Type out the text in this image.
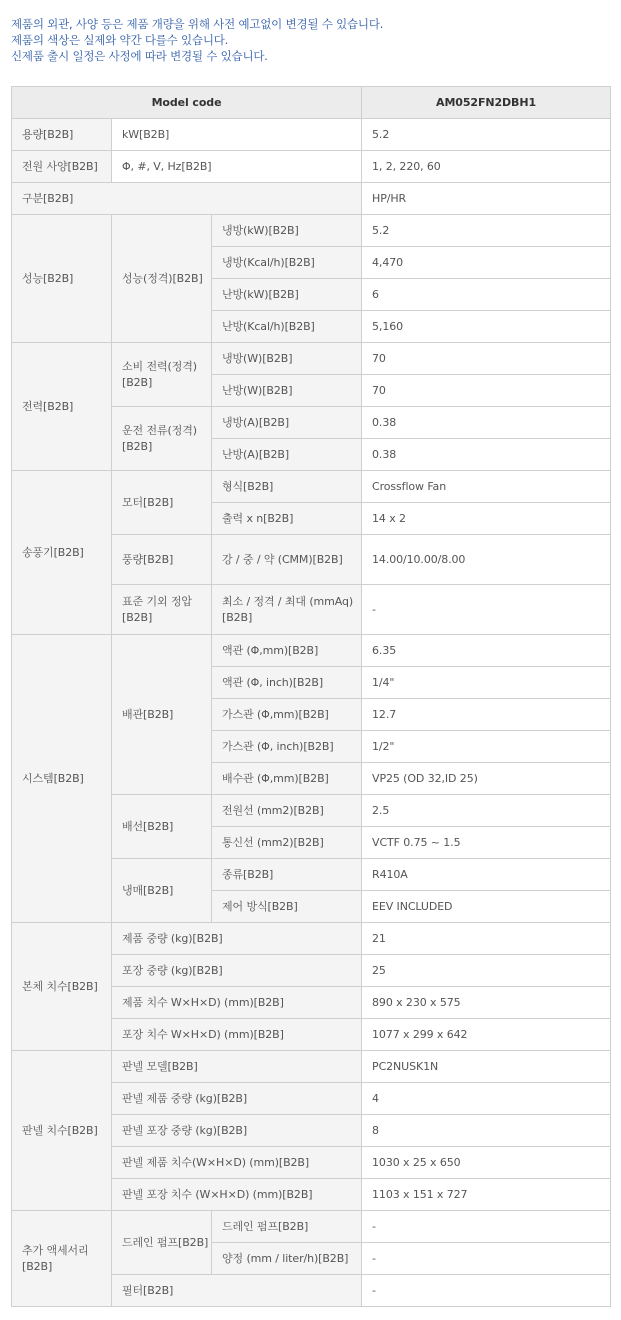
제품의 외관, 사양 등은 제품 개량을 위해 사전 예고없이 변경될 수 있습니다.
제품의 색상은 실제와 약간 다를수 있습니다.
신제품 출시 일정은 사정에 따라 변경될 수 있습니다.
Model code			AM052FN2DBH1
용량[B2B]	kW[B2B]		5.2
전원 사양[B2B]	Φ, #, V, Hz[B2B]		1, 2, 220, 60
구분[B2B]			HP/HR
성능[B2B]	성능(정격)[B2B]	냉방(kW)[B2B]	5.2
		냉방(Kcal/h)[B2B]	4,470
		난방(kW)[B2B]	6
		난방(Kcal/h)[B2B]	5,160
전력[B2B]	소비 전력(정격)[B2B]	냉방(W)[B2B]	70
		난방(W)[B2B]	70
	운전 전류(정격)[B2B]	냉방(A)[B2B]	0.38
		난방(A)[B2B]	0.38
송풍기[B2B]	모터[B2B]	형식[B2B]	Crossflow Fan
		출력 x n[B2B]	14 x 2
	풍량[B2B]	강 / 중 / 약 (CMM)[B2B]	14.00/10.00/8.00
	표준 기외 정압[B2B]	최소 / 정격 / 최대 (mmAq)[B2B]	-
시스템[B2B]	배관[B2B]	액관 (Φ,mm)[B2B]	6.35
		액관 (Φ, inch)[B2B]	1/4"
		가스관 (Φ,mm)[B2B]	12.7
		가스관 (Φ, inch)[B2B]	1/2"
		배수관 (Φ,mm)[B2B]	VP25 (OD 32,ID 25)
	배선[B2B]	전원선 (mm2)[B2B]	2.5
		통신선 (mm2)[B2B]	VCTF 0.75 ~ 1.5
	냉매[B2B]	종류[B2B]	R410A
		제어 방식[B2B]	EEV INCLUDED
본체 치수[B2B]	제품 중량 (kg)[B2B]		21
	포장 중량 (kg)[B2B]		25
	제품 치수 W×H×D) (mm)[B2B]		890 x 230 x 575
	포장 치수 W×H×D) (mm)[B2B]		1077 x 299 x 642
판넬 치수[B2B]	판넬 모델[B2B]		PC2NUSK1N
	판넬 제품 중량 (kg)[B2B]		4
	판넬 포장 중량 (kg)[B2B]		8
	판넬 제품 치수(W×H×D) (mm)[B2B]		1030 x 25 x 650
	판넬 포장 치수 (W×H×D) (mm)[B2B]		1103 x 151 x 727
추가 액세서리[B2B]	드레인 펌프[B2B]	드레인 펌프[B2B]	-
		양정 (mm / liter/h)[B2B]	-
	필터[B2B]		-
